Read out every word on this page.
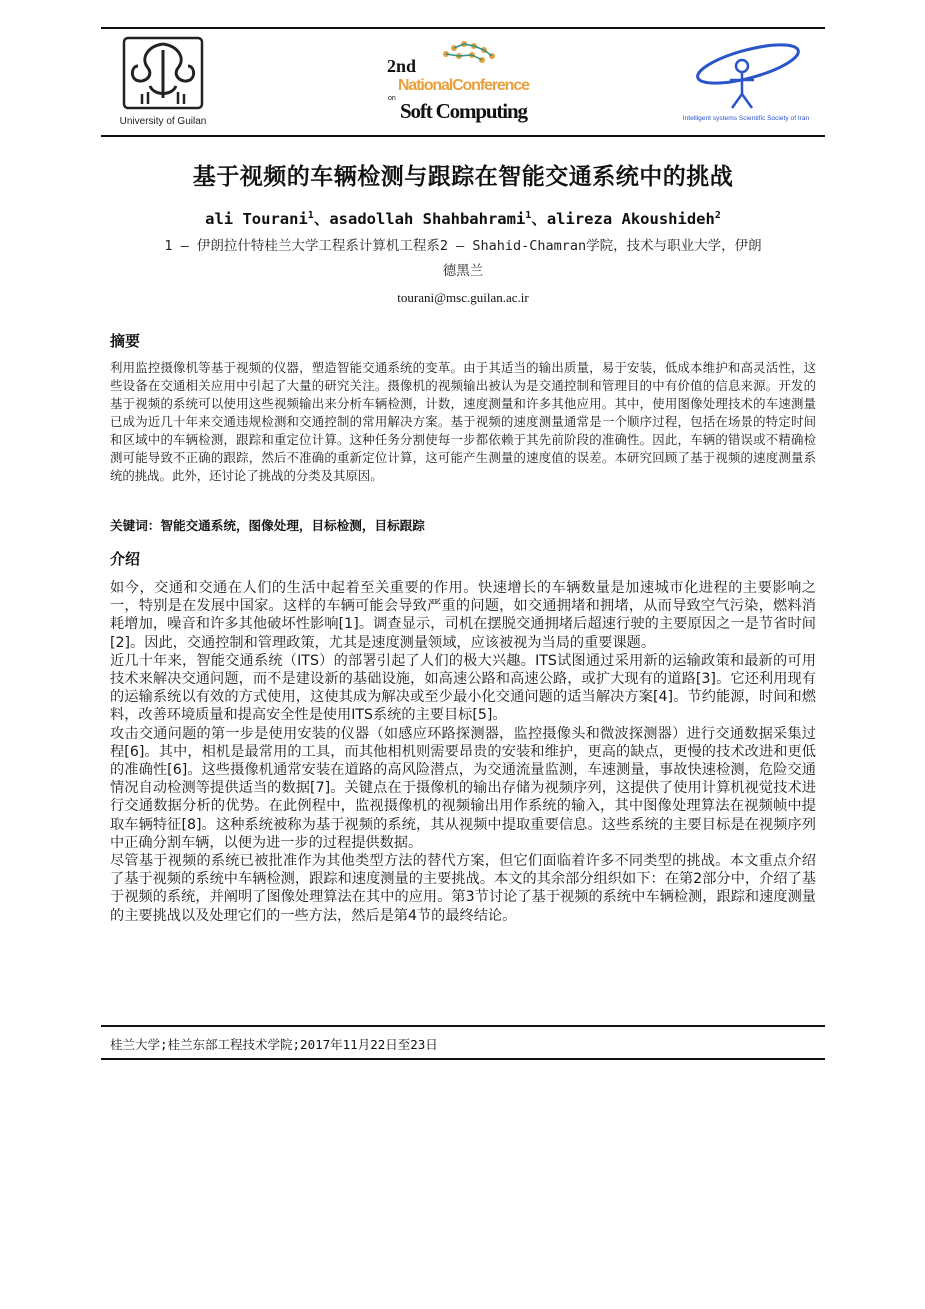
University of Guilan
2nd
NationalConference
on
Soft Computing	Intelligent systems Scientific Society of Iran
基于视频的车辆检测与跟踪在智能交通系统中的挑战
ali Tourani$^1$、asadollah Shahbahrami$^1$、alireza Akoushideh$^2$
1 – 伊朗拉什特桂兰大学工程系计算机工程系2 – Shahid-Chamran学院，技术与职业大学，伊朗德黑兰
tourani@msc.guilan.ac.ir
摘要
利用监控摄像机等基于视频的仪器，塑造智能交通系统的变革。由于其适当的输出质量，易于安装，低成本维护和高灵活性，这些设备在交通相关应用中引起了大量的研究关注。摄像机的视频输出被认为是交通控制和管理目的中有价值的信息来源。开发的基于视频的系统可以使用这些视频输出来分析车辆检测，计数，速度测量和许多其他应用。其中，使用图像处理技术的车速测量已成为近几十年来交通违规检测和交通控制的常用解决方案。基于视频的速度测量通常是一个顺序过程，包括在场景的特定时间和区域中的车辆检测，跟踪和重定位计算。这种任务分割使每一步都依赖于其先前阶段的准确性。因此，车辆的错误或不精确检测可能导致不正确的跟踪，然后不准确的重新定位计算，这可能产生测量的速度值的误差。本研究回顾了基于视频的速度测量系统的挑战。此外，还讨论了挑战的分类及其原因。
关键词：智能交通系统，图像处理，目标检测，目标跟踪
介绍

如今，交通和交通在人们的生活中起着至关重要的作用。快速增长的车辆数量是加速城市化进程的主要影响之一，特别是在发展中国家。这样的车辆可能会导致严重的问题，如交通拥堵和拥堵，从而导致空气污染，燃料消耗增加，噪音和许多其他破坏性影响[1]。调查显示，司机在摆脱交通拥堵后超速行驶的主要原因之一是节省时间[2]。因此，交通控制和管理政策，尤其是速度测量领域，应该被视为当局的重要课题。

近几十年来，智能交通系统（ITS）的部署引起了人们的极大兴趣。ITS试图通过采用新的运输政策和最新的可用技术来解决交通问题，而不是建设新的基础设施，如高速公路和高速公路，或扩大现有的道路[3]。它还利用现有的运输系统以有效的方式使用，这使其成为解决或至少最小化交通问题的适当解决方案[4]。节约能源，时间和燃料，改善环境质量和提高安全性是使用ITS系统的主要目标[5]。

攻击交通问题的第一步是使用安装的仪器（如感应环路探测器，监控摄像头和微波探测器）进行交通数据采集过程[6]。其中，相机是最常用的工具，而其他相机则需要昂贵的安装和维护，更高的缺点，更慢的技术改进和更低的准确性[6]。这些摄像机通常安装在道路的高风险潜点，为交通流量监测，车速测量，事故快速检测，危险交通情况自动检测等提供适当的数据[7]。关键点在于摄像机的输出存储为视频序列，这提供了使用计算机视觉技术进行交通数据分析的优势。在此例程中，监视摄像机的视频输出用作系统的输入，其中图像处理算法在视频帧中提取车辆特征[8]。这种系统被称为基于视频的系统，其从视频中提取重要信息。这些系统的主要目标是在视频序列中正确分割车辆，以便为进一步的过程提供数据。

尽管基于视频的系统已被批准作为其他类型方法的替代方案，但它们面临着许多不同类型的挑战。本文重点介绍了基于视频的系统中车辆检测，跟踪和速度测量的主要挑战。本文的其余部分组织如下：在第2部分中，介绍了基于视频的系统，并阐明了图像处理算法在其中的应用。第3节讨论了基于视频的系统中车辆检测，跟踪和速度测量的主要挑战以及处理它们的一些方法，然后是第4节的最终结论。

桂兰大学;桂兰东部工程技术学院;2017年11月22日至23日
